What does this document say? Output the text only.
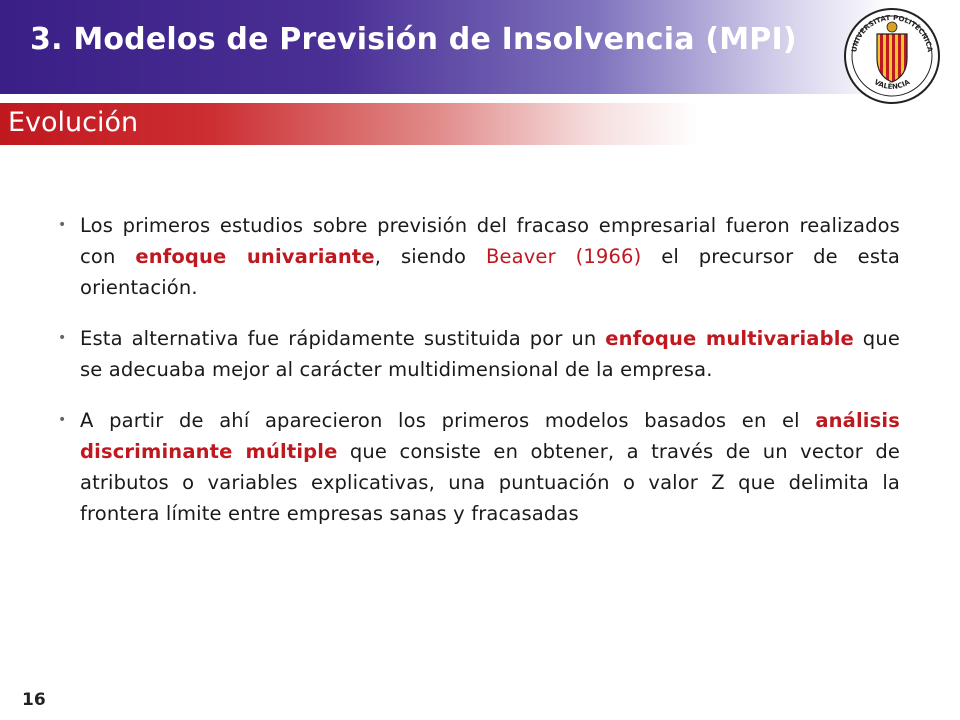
3. Modelos de Previsión de Insolvencia (MPI)	UNIVERSITAT POLITÈCNICA
VALÈNCIA
Evolución
• Los primeros estudios sobre previsión del fracaso empresarial fueron realizados con enfoque univariante, siendo Beaver (1966) el precursor de esta orientación.
• Esta alternativa fue rápidamente sustituida por un enfoque multivariable que se adecuaba mejor al carácter multidimensional de la empresa.
• A partir de ahí aparecieron los primeros modelos basados en el análisis discriminante múltiple que consiste en obtener, a través de un vector de atributos o variables explicativas, una puntuación o valor Z que delimita la frontera límite entre empresas sanas y fracasadas
16
